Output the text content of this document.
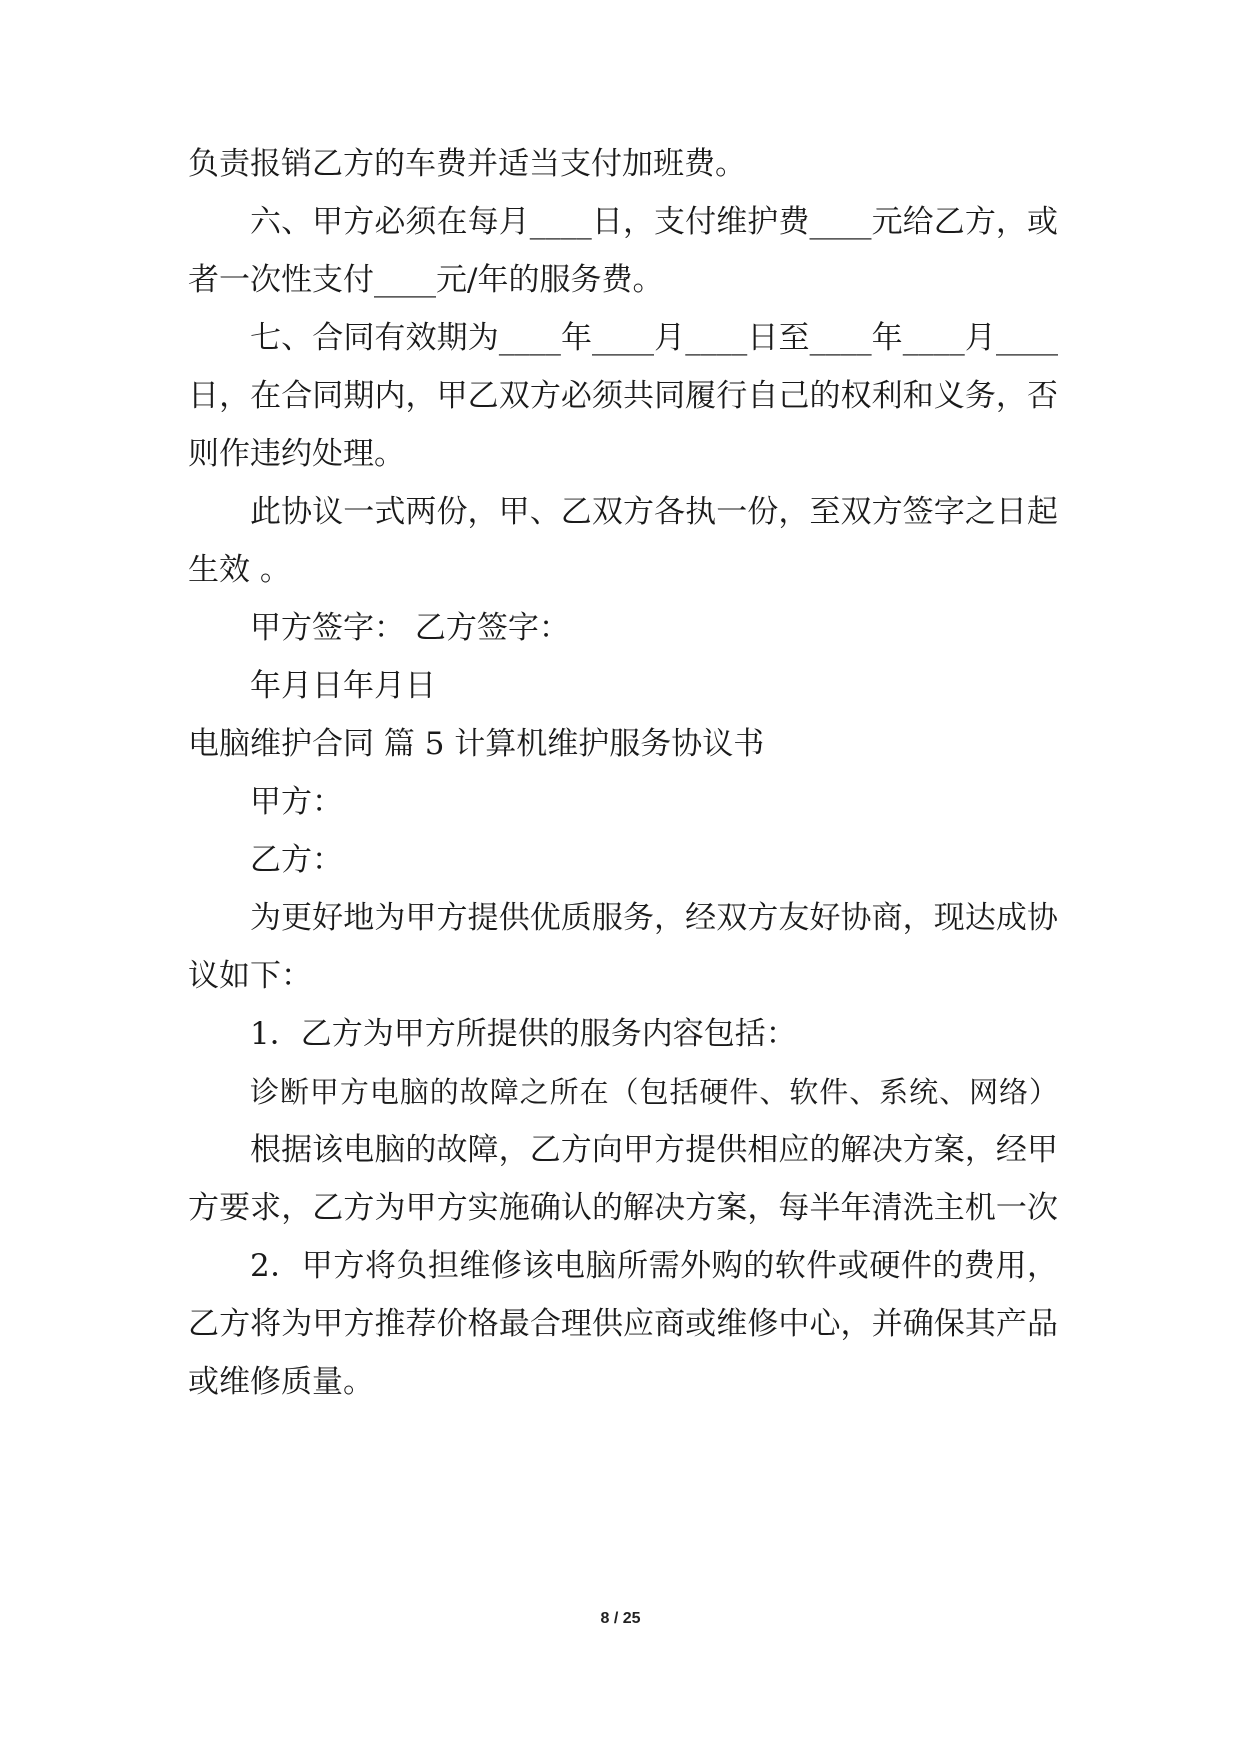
负责报销乙方的车费并适当支付加班费。
六、甲方必须在每月____日，支付维护费____元给乙方，或
者一次性支付____元/年的服务费。
七、合同有效期为____年____月____日至____年____月____
日，在合同期内，甲乙双方必须共同履行自己的权利和义务，否
则作违约处理。
此协议一式两份，甲、乙双方各执一份，至双方签字之日起
生效 。
甲方签字： 乙方签字：
年月日年月日
电脑维护合同 篇 5 计算机维护服务协议书
甲方：
乙方：
为更好地为甲方提供优质服务，经双方友好协商，现达成协
议如下：
1．乙方为甲方所提供的服务内容包括：
诊断甲方电脑的故障之所在（包括硬件、软件、系统、网络）
根据该电脑的故障，乙方向甲方提供相应的解决方案，经甲
方要求，乙方为甲方实施确认的解决方案，每半年清洗主机一次
2．甲方将负担维修该电脑所需外购的软件或硬件的费用，
乙方将为甲方推荐价格最合理供应商或维修中心，并确保其产品
或维修质量。
8 / 25
